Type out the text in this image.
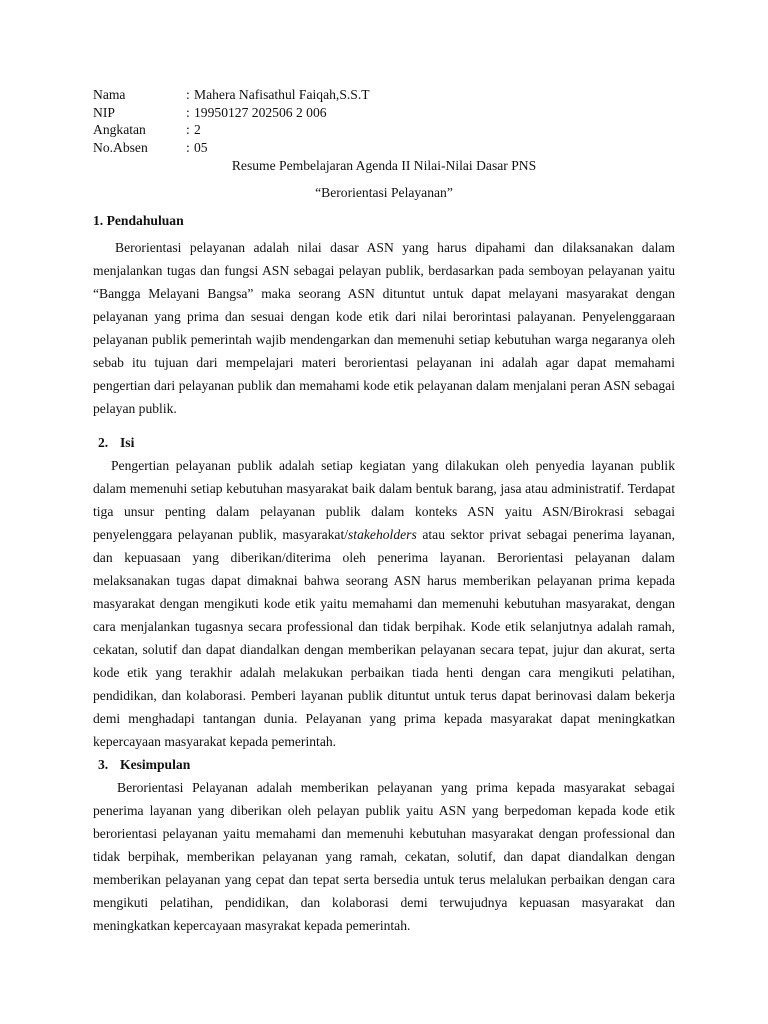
Nama	: Mahera Nafisathul Faiqah,S.S.T
NIP	: 19950127 202506 2 006
Angkatan	: 2
No.Absen	: 05
Resume Pembelajaran Agenda II Nilai-Nilai Dasar PNS
“Berorientasi Pelayanan”
1. Pendahuluan

Berorientasi pelayanan adalah nilai dasar ASN yang harus dipahami dan dilaksanakan dalam menjalankan tugas dan fungsi ASN sebagai pelayan publik, berdasarkan pada semboyan pelayanan yaitu “Bangga Melayani Bangsa” maka seorang ASN dituntut untuk dapat melayani masyarakat dengan pelayanan yang prima dan sesuai dengan kode etik dari nilai berorintasi palayanan. Penyelenggaraan pelayanan publik pemerintah wajib mendengarkan dan memenuhi setiap kebutuhan warga negaranya oleh sebab itu tujuan dari mempelajari materi berorientasi pelayanan ini adalah agar dapat memahami pengertian dari pelayanan publik dan memahami kode etik pelayanan dalam menjalani peran ASN sebagai pelayan publik.

2. Isi

Pengertian pelayanan publik adalah setiap kegiatan yang dilakukan oleh penyedia layanan publik dalam memenuhi setiap kebutuhan masyarakat baik dalam bentuk barang, jasa atau administratif. Terdapat tiga unsur penting dalam pelayanan publik dalam konteks ASN yaitu ASN/Birokrasi sebagai penyelenggara pelayanan publik, masyarakat/stakeholders atau sektor privat sebagai penerima layanan, dan kepuasaan yang diberikan/diterima oleh penerima layanan. Berorientasi pelayanan dalam melaksanakan tugas dapat dimaknai bahwa seorang ASN harus memberikan pelayanan prima kepada masyarakat dengan mengikuti kode etik yaitu memahami dan memenuhi kebutuhan masyarakat, dengan cara menjalankan tugasnya secara professional dan tidak berpihak. Kode etik selanjutnya adalah ramah, cekatan, solutif dan dapat diandalkan dengan memberikan pelayanan secara tepat, jujur dan akurat, serta kode etik yang terakhir adalah melakukan perbaikan tiada henti dengan cara mengikuti pelatihan, pendidikan, dan kolaborasi. Pemberi layanan publik dituntut untuk terus dapat berinovasi dalam bekerja demi menghadapi tantangan dunia. Pelayanan yang prima kepada masyarakat dapat meningkatkan kepercayaan masyarakat kepada pemerintah.

3. Kesimpulan

Berorientasi Pelayanan adalah memberikan pelayanan yang prima kepada masyarakat sebagai penerima layanan yang diberikan oleh pelayan publik yaitu ASN yang berpedoman kepada kode etik berorientasi pelayanan yaitu memahami dan memenuhi kebutuhan masyarakat dengan professional dan tidak berpihak, memberikan pelayanan yang ramah, cekatan, solutif, dan dapat diandalkan dengan memberikan pelayanan yang cepat dan tepat serta bersedia untuk terus melalukan perbaikan dengan cara mengikuti pelatihan, pendidikan, dan kolaborasi demi terwujudnya kepuasan masyarakat dan meningkatkan kepercayaan masyrakat kepada pemerintah.
